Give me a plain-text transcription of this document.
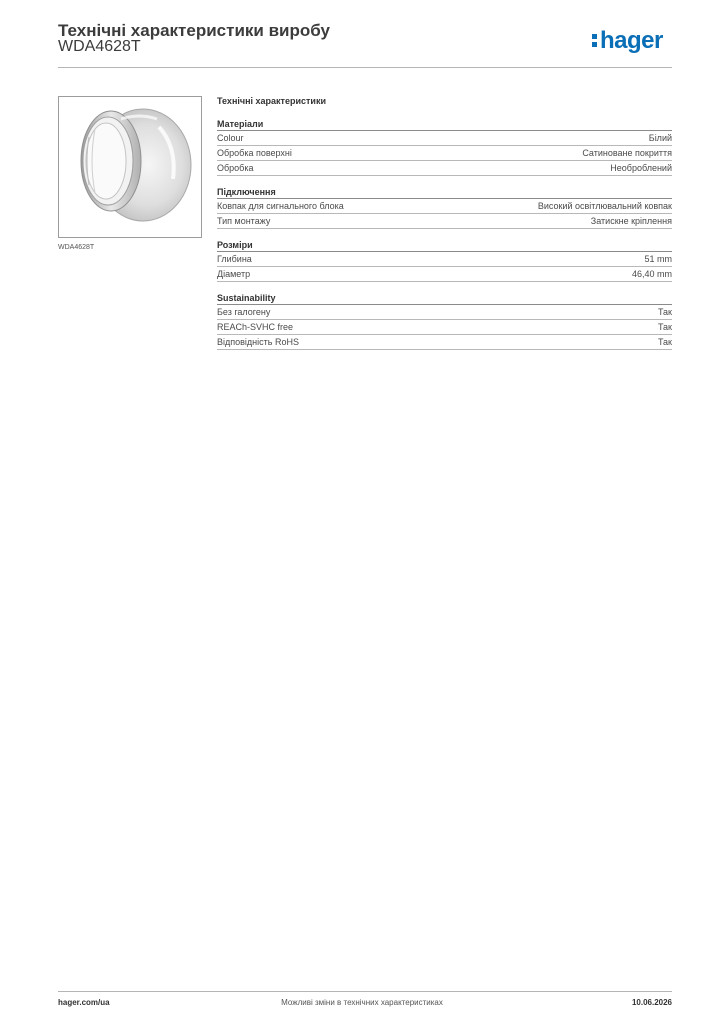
Технічні характеристики виробу
WDA4628T	hager
WDA4628T
Технічні характеристики
Матеріали
Colour	Білий
Обробка поверхні	Сатиноване покриття
Обробка	Необроблений
Підключення
Ковпак для сигнального блока	Високий освітлювальний ковпак
Тип монтажу	Затискне кріплення
Розміри
Глибина	51 mm
Діаметр	46,40 mm
Sustainability
Без галогену	Так
REACh-SVHC free	Так
Відповідність RoHS	Так
hager.com/ua	Можливі зміни в технічних характеристиках	10.06.2026
